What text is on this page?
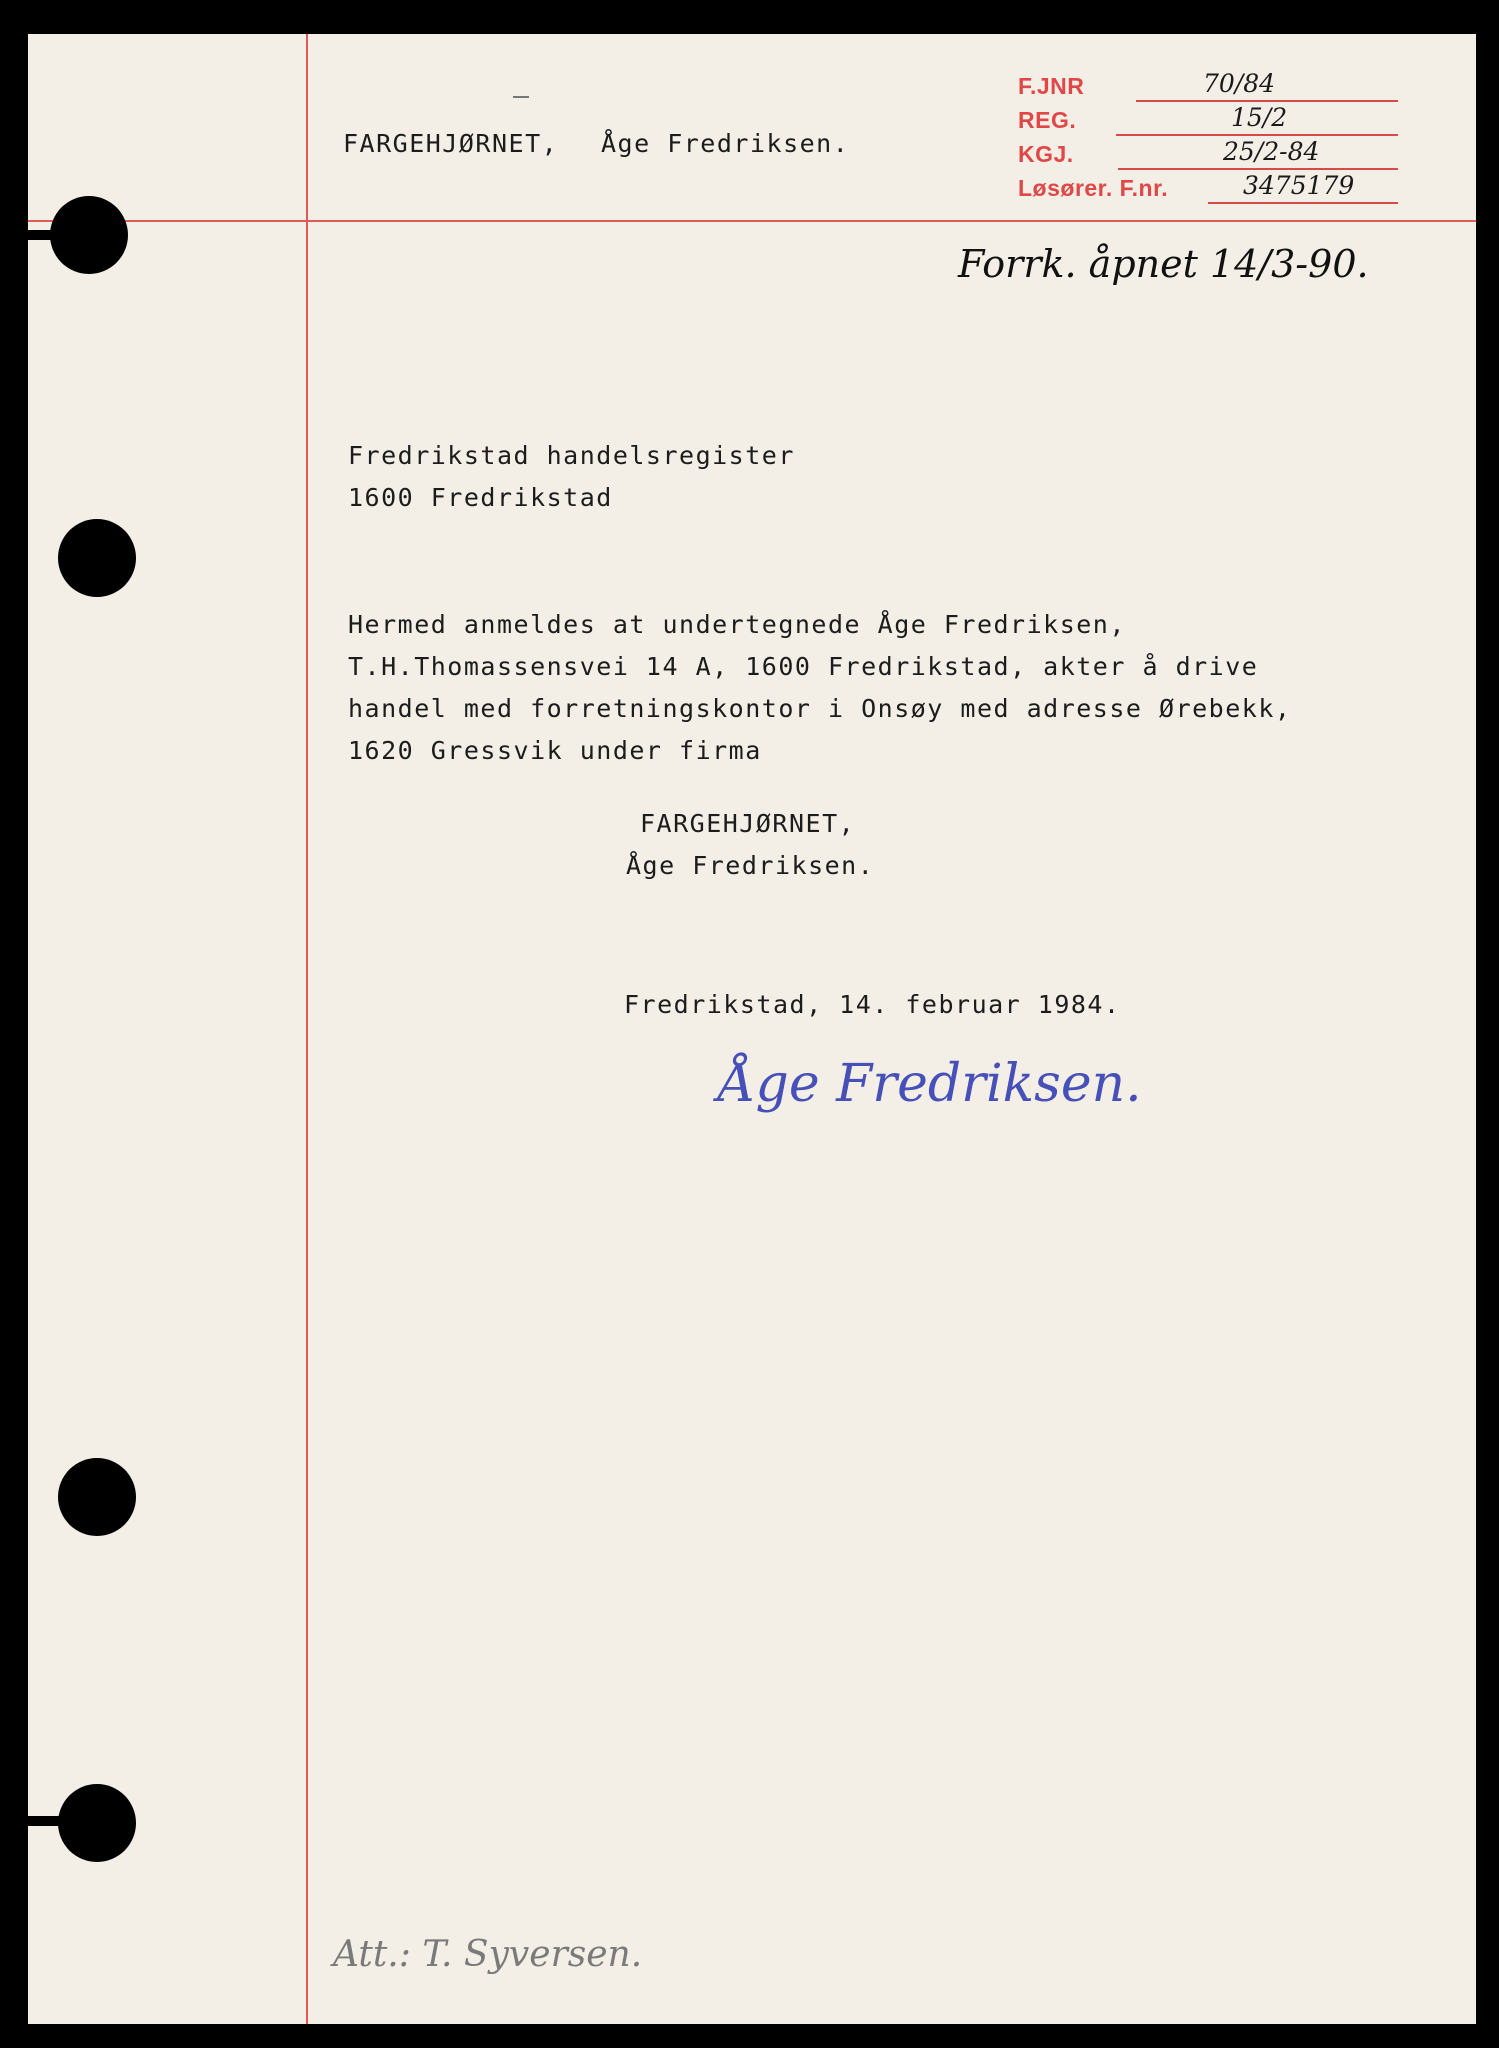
FARGEHJØRNET, Åge Fredriksen.
F.JNR	70/84
REG.	15/2
KGJ.	25/2-84
Løsører. F.nr.	3475179
Forrk. åpnet 14/3-90.
Fredrikstad handelsregister
1600 Fredrikstad
Hermed anmeldes at undertegnede Åge Fredriksen,
T.H.Thomassensvei 14 A, 1600 Fredrikstad, akter å drive
handel med forretningskontor i Onsøy med adresse Ørebekk,
1620 Gressvik under firma
FARGEHJØRNET,
Åge Fredriksen.
Fredrikstad, 14. februar 1984.
Åge Fredriksen.
Att.: T. Syversen.
